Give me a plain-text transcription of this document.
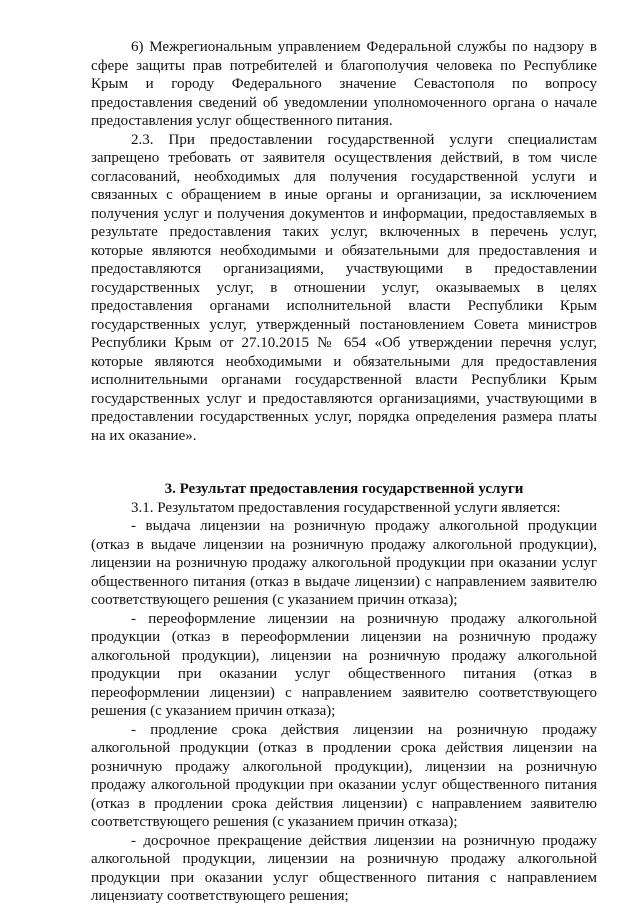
6) Межрегиональным управлением Федеральной службы по надзору в сфере защиты прав потребителей и благополучия человека по Республике Крым и городу Федерального значение Севастополя по вопросу предоставления сведений об уведомлении уполномоченного органа о начале предоставления услуг общественного питания.

2.3. При предоставлении государственной услуги специалистам запрещено требовать от заявителя осуществления действий, в том числе согласований, необходимых для получения государственной услуги и связанных с обращением в иные органы и организации, за исключением получения услуг и получения документов и информации, предоставляемых в результате предоставления таких услуг, включенных в перечень услуг, которые являются необходимыми и обязательными для предоставления и предоставляются организациями, участвующими в предоставлении государственных услуг, в отношении услуг, оказываемых в целях предоставления органами исполнительной власти Республики Крым государственных услуг, утвержденный постановлением Совета министров Республики Крым от 27.10.2015 № 654 «Об утверждении перечня услуг, которые являются необходимыми и обязательными для предоставления исполнительными органами государственной власти Республики Крым государственных услуг и предоставляются организациями, участвующими в предоставлении государственных услуг, порядка определения размера платы на их оказание».

3. Результат предоставления государственной услуги

3.1. Результатом предоставления государственной услуги является:

- выдача лицензии на розничную продажу алкогольной продукции (отказ в выдаче лицензии на розничную продажу алкогольной продукции), лицензии на розничную продажу алкогольной продукции при оказании услуг общественного питания (отказ в выдаче лицензии) с направлением заявителю соответствующего решения (с указанием причин отказа);

- переоформление лицензии на розничную продажу алкогольной продукции (отказ в переоформлении лицензии на розничную продажу алкогольной продукции), лицензии на розничную продажу алкогольной продукции при оказании услуг общественного питания (отказ в переоформлении лицензии) с направлением заявителю соответствующего решения (с указанием причин отказа);

- продление срока действия лицензии на розничную продажу алкогольной продукции (отказ в продлении срока действия лицензии на розничную продажу алкогольной продукции), лицензии на розничную продажу алкогольной продукции при оказании услуг общественного питания (отказ в продлении срока действия лицензии) с направлением заявителю соответствующего решения (с указанием причин отказа);

- досрочное прекращение действия лицензии на розничную продажу алкогольной продукции, лицензии на розничную продажу алкогольной продукции при оказании услуг общественного питания с направлением лицензиату соответствующего решения;
